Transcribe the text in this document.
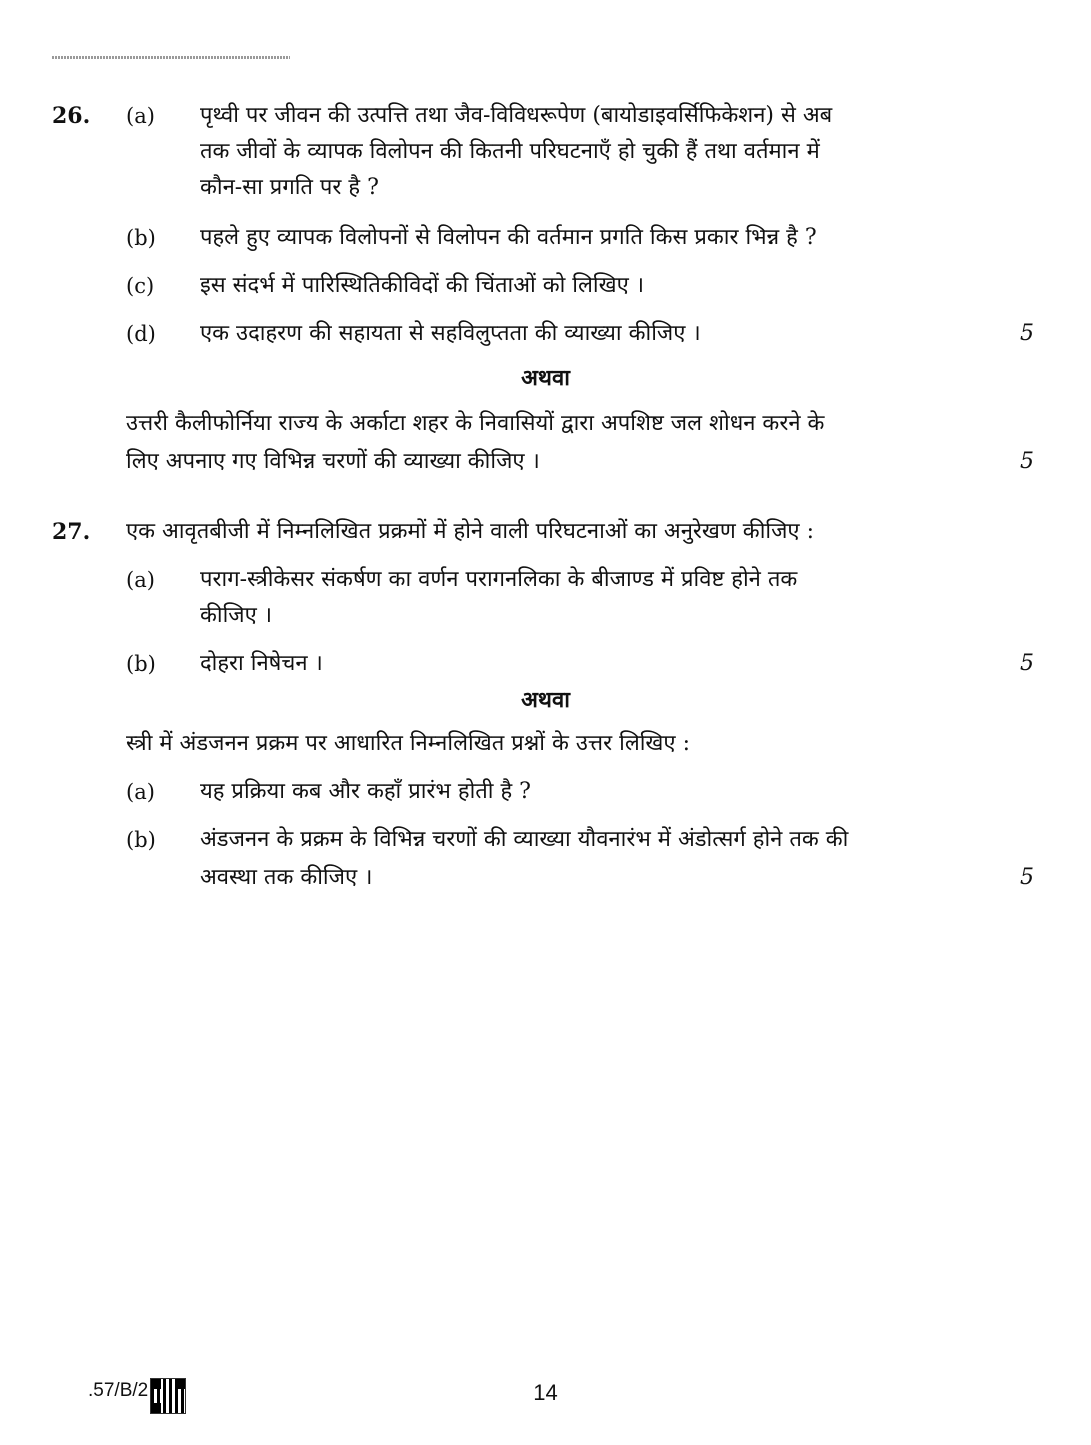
26. (a) पृथ्वी पर जीवन की उत्पत्ति तथा जैव-विविधरूपेण (बायोडाइवर्सिफिकेशन) से अब
तक जीवों के व्यापक विलोपन की कितनी परिघटनाएँ हो चुकी हैं तथा वर्तमान में
कौन-सा प्रगति पर है ?
(b) पहले हुए व्यापक विलोपनों से विलोपन की वर्तमान प्रगति किस प्रकार भिन्न है ?
(c) इस संदर्भ में पारिस्थितिकीविदों की चिंताओं को लिखिए ।
(d) एक उदाहरण की सहायता से सहविलुप्तता की व्याख्या कीजिए ।	5
अथवा
उत्तरी कैलीफोर्निया राज्य के अर्काटा शहर के निवासियों द्वारा अपशिष्ट जल शोधन करने के
लिए अपनाए गए विभिन्न चरणों की व्याख्या कीजिए ।	5
27. एक आवृतबीजी में निम्नलिखित प्रक्रमों में होने वाली परिघटनाओं का अनुरेखण कीजिए :
(a) पराग-स्त्रीकेसर संकर्षण का वर्णन परागनलिका के बीजाण्ड में प्रविष्ट होने तक
कीजिए ।
(b) दोहरा निषेचन ।	5
अथवा
स्त्री में अंडजनन प्रक्रम पर आधारित निम्नलिखित प्रश्नों के उत्तर लिखिए :
(a) यह प्रक्रिया कब और कहाँ प्रारंभ होती है ?
(b) अंडजनन के प्रक्रम के विभिन्न चरणों की व्याख्या यौवनारंभ में अंडोत्सर्ग होने तक की
अवस्था तक कीजिए ।	5
.57/B/2	14
